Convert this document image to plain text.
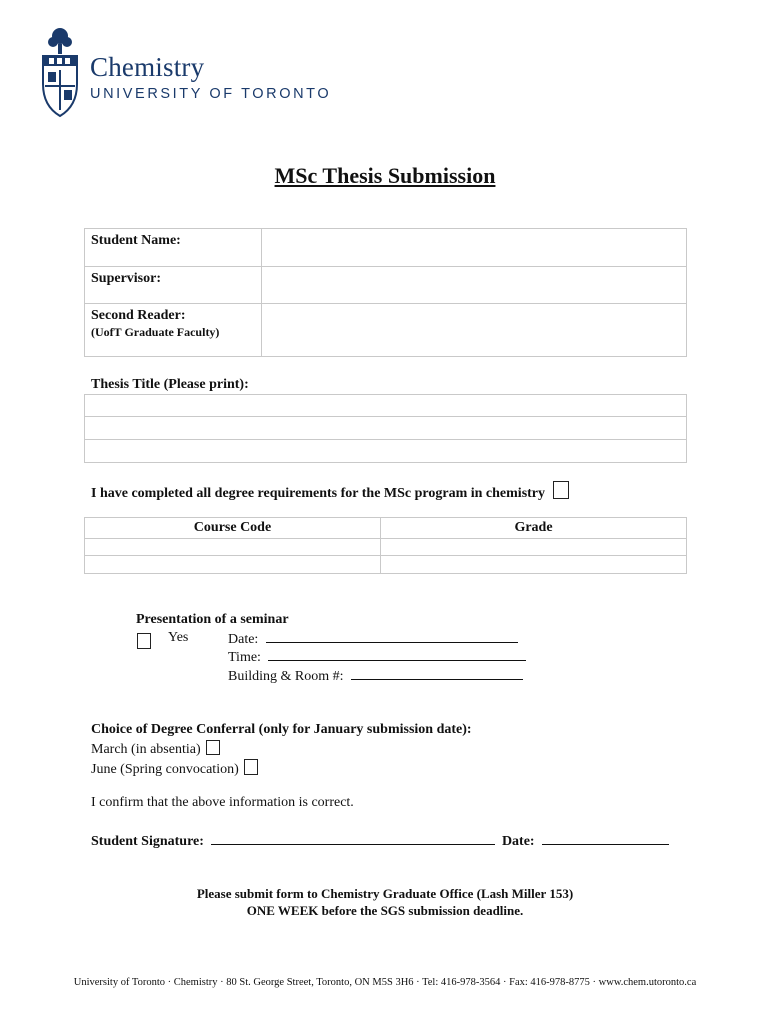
Chemistry
UNIVERSITY OF TORONTO
MSc Thesis Submission
Student Name:	
Supervisor:	
Second Reader:
(UofT Graduate Faculty)	

Thesis Title (Please print):

I have completed all degree requirements for the MSc program in chemistry
Course Code	Grade

Presentation of a seminar
Yes	Date:
Time:
Building & Room #:
Choice of Degree Conferral (only for January submission date):
March (in absentia)
June (Spring convocation)
I confirm that the above information is correct.
Student Signature:	Date:
Please submit form to Chemistry Graduate Office (Lash Miller 153)
ONE WEEK before the SGS submission deadline.
University of Toronto · Chemistry · 80 St. George Street, Toronto, ON M5S 3H6 · Tel: 416-978-3564 · Fax: 416-978-8775 · www.chem.utoronto.ca
